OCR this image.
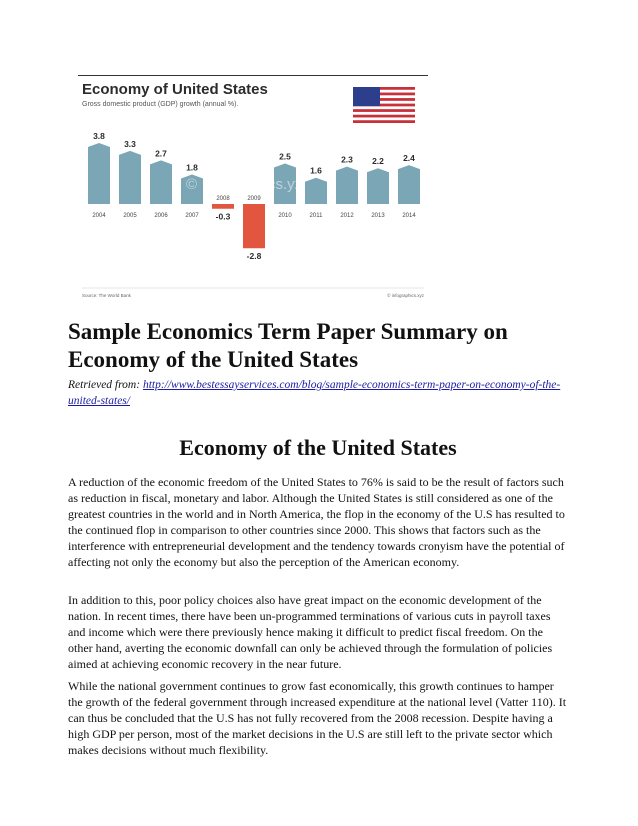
Economy of United States
Gross domestic product (GDP) growth (annual %).
3.8
2004
3.3
2005
2.7
2006
1.8
2007 -0.3
2008
-2.8
2009
2.5
2010
1.6
2011
2.3
2012
2.2
2013
2.4
2014
©	cs.yz
Source: The World Bank	© infographics.xyz
Sample Economics Term Paper Summary on Economy of the United States

Retrieved from: http://www.bestessayservices.com/blog/sample-economics-term-paper-on-economy-of-the-united-states/

Economy of the United States

A reduction of the economic freedom of the United States to 76% is said to be the result of factors such as reduction in fiscal, monetary and labor. Although the United States is still considered as one of the greatest countries in the world and in North America, the flop in the economy of the U.S has resulted to the continued flop in comparison to other countries since 2000. This shows that factors such as the interference with entrepreneurial development and the tendency towards cronyism have the potential of affecting not only the economy but also the perception of the American economy.

In addition to this, poor policy choices also have great impact on the economic development of the nation. In recent times, there have been un-programmed terminations of various cuts in payroll taxes and income which were there previously hence making it difficult to predict fiscal freedom. On the other hand, averting the economic downfall can only be achieved through the formulation of policies aimed at achieving economic recovery in the near future.

While the national government continues to grow fast economically, this growth continues to hamper the growth of the federal government through increased expenditure at the national level (Vatter 110). It can thus be concluded that the U.S has not fully recovered from the 2008 recession. Despite having a high GDP per person, most of the market decisions in the U.S are still left to the private sector which makes decisions without much flexibility.
